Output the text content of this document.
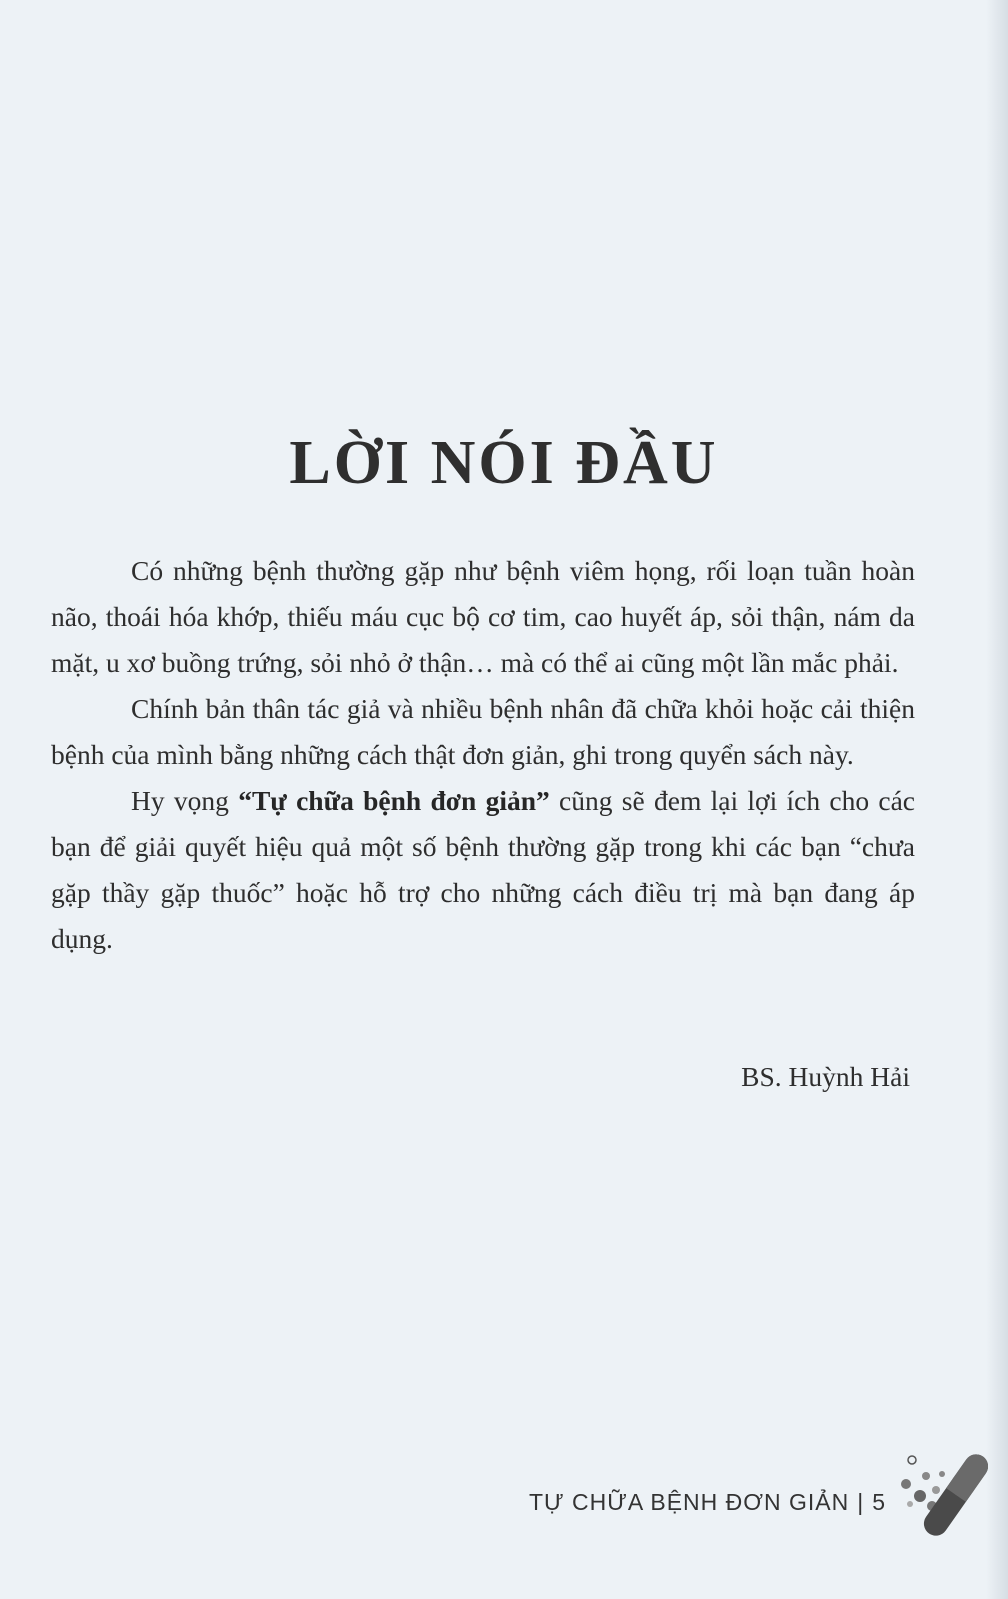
LỜI NÓI ĐẦU

Có những bệnh thường gặp như bệnh viêm họng, rối loạn tuần hoàn não, thoái hóa khớp, thiếu máu cục bộ cơ tim, cao huyết áp, sỏi thận, nám da mặt, u xơ buồng trứng, sỏi nhỏ ở thận… mà có thể ai cũng một lần mắc phải.

Chính bản thân tác giả và nhiều bệnh nhân đã chữa khỏi hoặc cải thiện bệnh của mình bằng những cách thật đơn giản, ghi trong quyển sách này.

Hy vọng “Tự chữa bệnh đơn giản” cũng sẽ đem lại lợi ích cho các bạn để giải quyết hiệu quả một số bệnh thường gặp trong khi các bạn “chưa gặp thầy gặp thuốc” hoặc hỗ trợ cho những cách điều trị mà bạn đang áp dụng.

BS. Huỳnh Hải
TỰ CHỮA BỆNH ĐƠN GIẢN | 5
